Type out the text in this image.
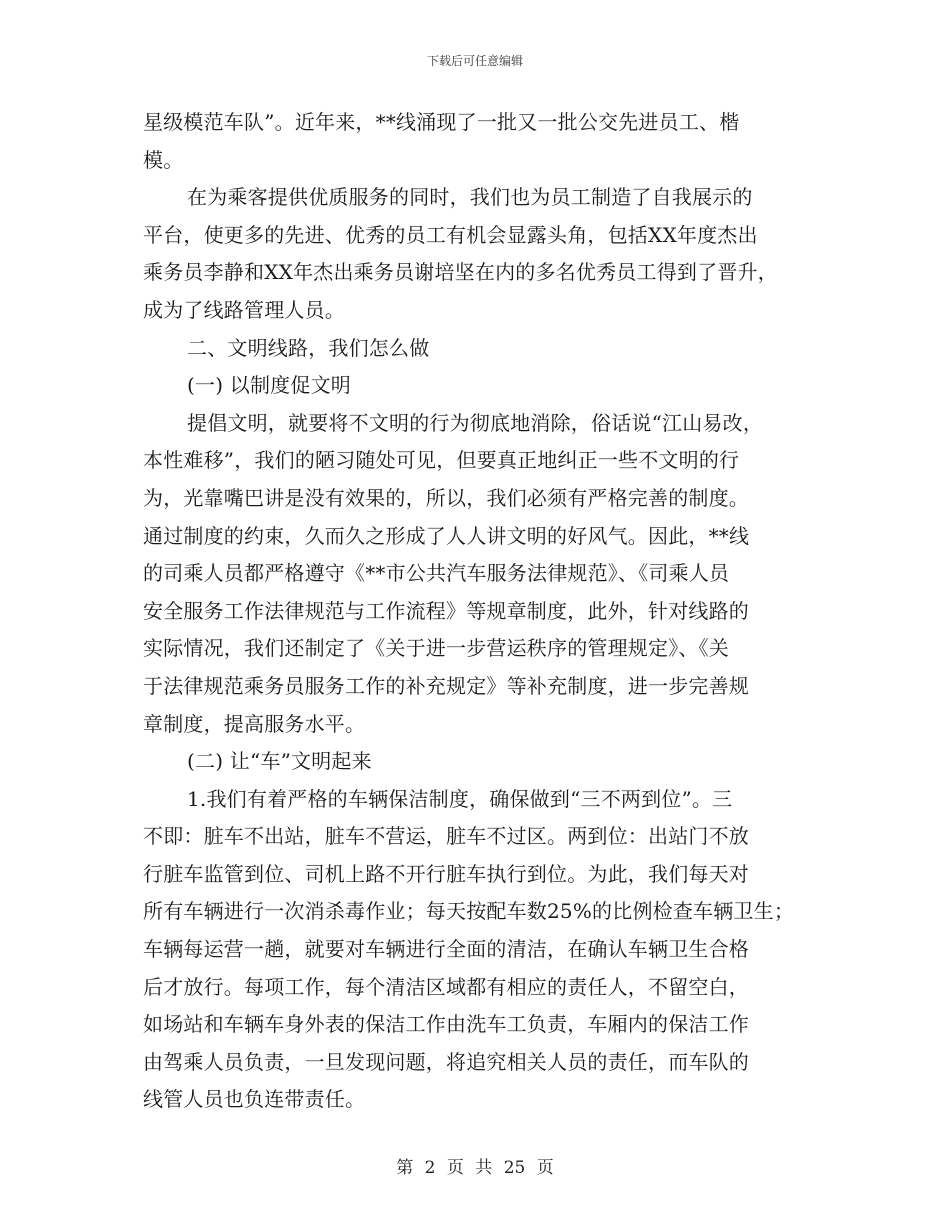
下载后可任意编辑
星级模范车队”。近年来，**线涌现了一批又一批公交先进员工、楷
模。
在为乘客提供优质服务的同时，我们也为员工制造了自我展示的
平台，使更多的先进、优秀的员工有机会显露头角，包括XX年度杰出
乘务员李静和XX年杰出乘务员谢培坚在内的多名优秀员工得到了晋升，
成为了线路管理人员。
二、文明线路，我们怎么做
(一) 以制度促文明
提倡文明，就要将不文明的行为彻底地消除，俗话说“江山易改，
本性难移”，我们的陋习随处可见，但要真正地纠正一些不文明的行
为，光靠嘴巴讲是没有效果的，所以，我们必须有严格完善的制度。
通过制度的约束，久而久之形成了人人讲文明的好风气。因此，**线
的司乘人员都严格遵守《**市公共汽车服务法律规范》、《司乘人员
安全服务工作法律规范与工作流程》等规章制度，此外，针对线路的
实际情况，我们还制定了《关于进一步营运秩序的管理规定》、《关
于法律规范乘务员服务工作的补充规定》等补充制度，进一步完善规
章制度，提高服务水平。
(二) 让“车”文明起来
1.我们有着严格的车辆保洁制度，确保做到“三不两到位”。三
不即：脏车不出站，脏车不营运，脏车不过区。两到位：出站门不放
行脏车监管到位、司机上路不开行脏车执行到位。为此，我们每天对
所有车辆进行一次消杀毒作业；每天按配车数25%的比例检查车辆卫生；
车辆每运营一趟，就要对车辆进行全面的清洁，在确认车辆卫生合格
后才放行。每项工作，每个清洁区域都有相应的责任人，不留空白，
如场站和车辆车身外表的保洁工作由洗车工负责，车厢内的保洁工作
由驾乘人员负责，一旦发现问题，将追究相关人员的责任，而车队的
线管人员也负连带责任。
第 2 页 共 25 页
